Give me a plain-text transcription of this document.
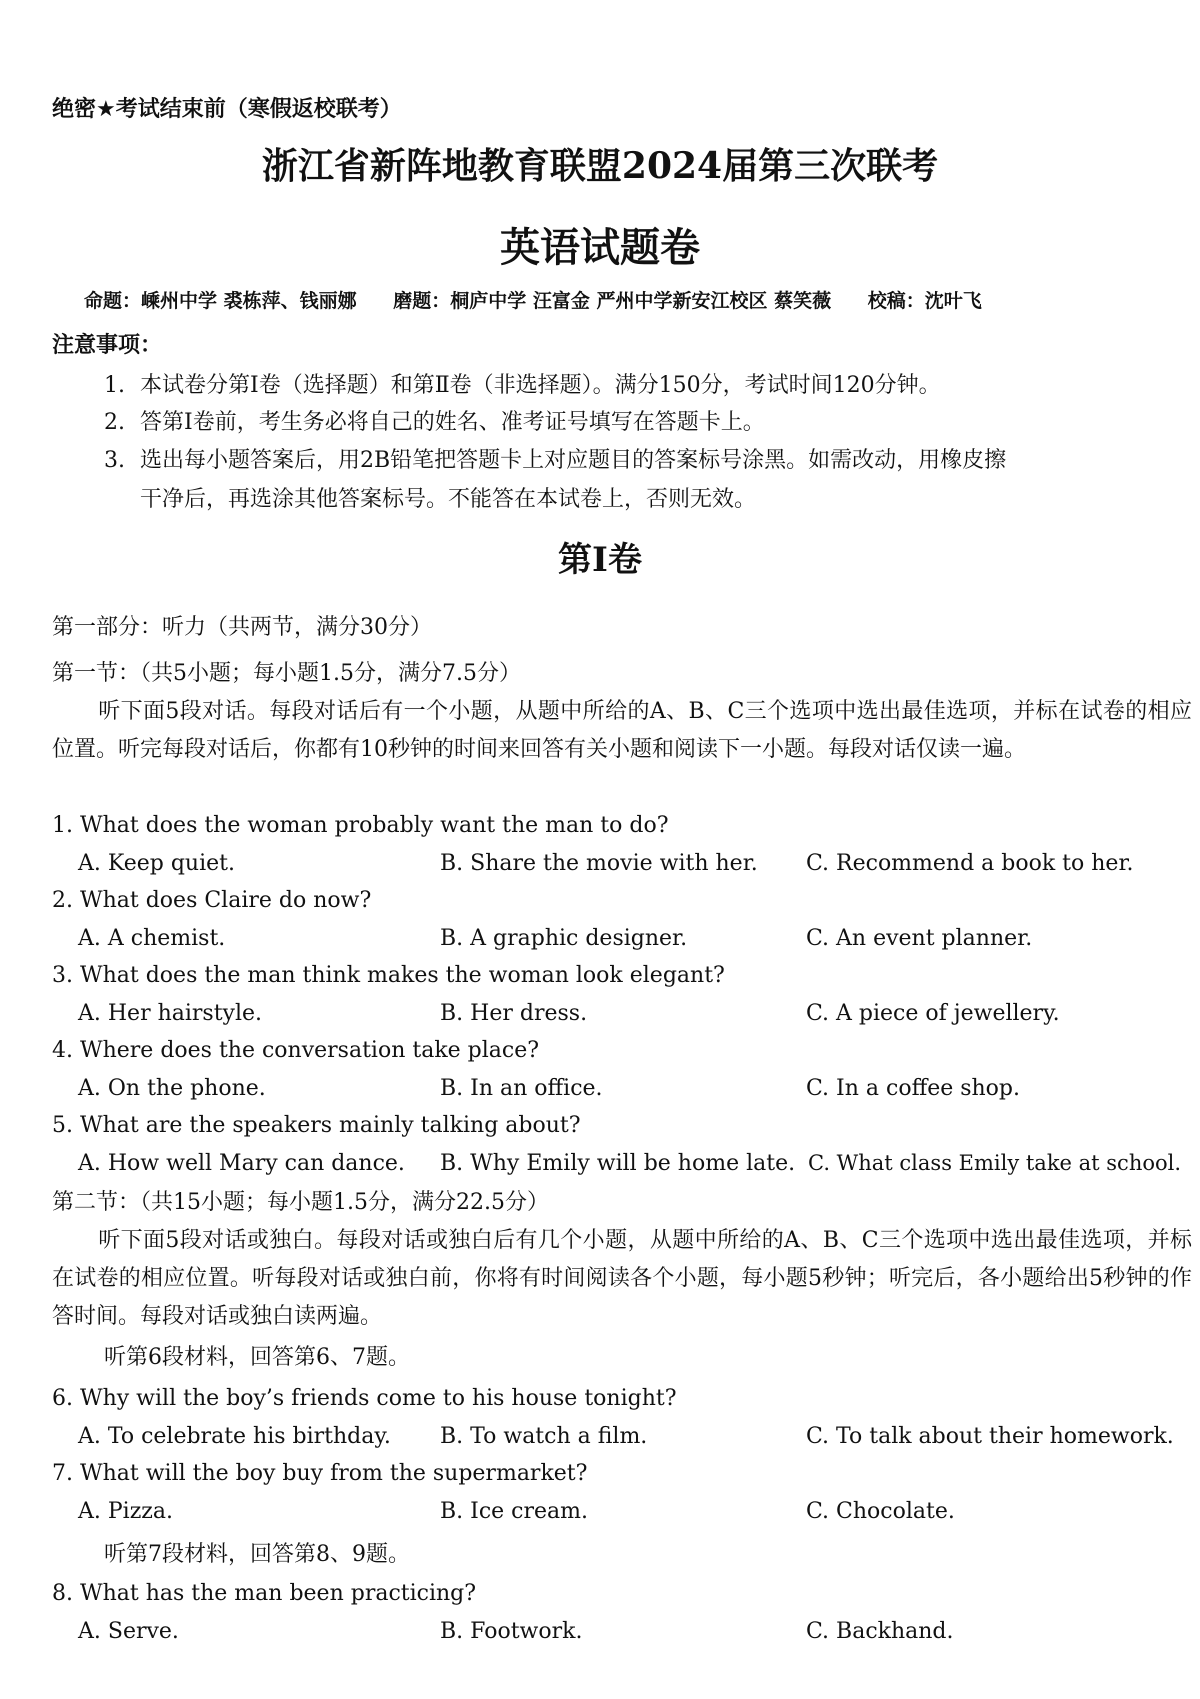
绝密★考试结束前（寒假返校联考）
浙江省新阵地教育联盟2024届第三次联考
英语试题卷
命题：嵊州中学 裘栋萍、钱丽娜 磨题：桐庐中学 汪富金 严州中学新安江校区 蔡笑薇 校稿：沈叶飞
注意事项：
1. 本试卷分第Ⅰ卷（选择题）和第Ⅱ卷（非选择题）。满分150分，考试时间120分钟。
2. 答第Ⅰ卷前，考生务必将自己的姓名、准考证号填写在答题卡上。
3. 选出每小题答案后，用2B铅笔把答题卡上对应题目的答案标号涂黑。如需改动，用橡皮擦
干净后，再选涂其他答案标号。不能答在本试卷上，否则无效。
第Ⅰ卷
第一部分：听力（共两节，满分30分）
第一节：（共5小题；每小题1.5分，满分7.5分）
听下面5段对话。每段对话后有一个小题，从题中所给的A、B、C三个选项中选出最佳选项，并标在试卷的相应位置。听完每段对话后，你都有10秒钟的时间来回答有关小题和阅读下一小题。每段对话仅读一遍。
1. What does the woman probably want the man to do?
A. Keep quiet.	B. Share the movie with her. C. Recommend a book to her.
2. What does Claire do now?
A. A chemist.	B. A graphic designer.	C. An event planner.
3. What does the man think makes the woman look elegant?
A. Her hairstyle.	B. Her dress.	C. A piece of jewellery.
4. Where does the conversation take place?
A. On the phone.	B. In an office.	C. In a coffee shop.
5. What are the speakers mainly talking about?
A. How well Mary can dance. B. Why Emily will be home late. C. What class Emily take at school.
第二节：（共15小题；每小题1.5分，满分22.5分）
听下面5段对话或独白。每段对话或独白后有几个小题，从题中所给的A、B、C三个选项中选出最佳选项，并标在试卷的相应位置。听每段对话或独白前，你将有时间阅读各个小题，每小题5秒钟；听完后，各小题给出5秒钟的作答时间。每段对话或独白读两遍。
听第6段材料，回答第6、7题。
6. Why will the boy’s friends come to his house tonight?
A. To celebrate his birthday. B. To watch a film.	C. To talk about their homework.
7. What will the boy buy from the supermarket?
A. Pizza.	B. Ice cream.	C. Chocolate.
听第7段材料，回答第8、9题。
8. What has the man been practicing?
A. Serve.	B. Footwork.	C. Backhand.
